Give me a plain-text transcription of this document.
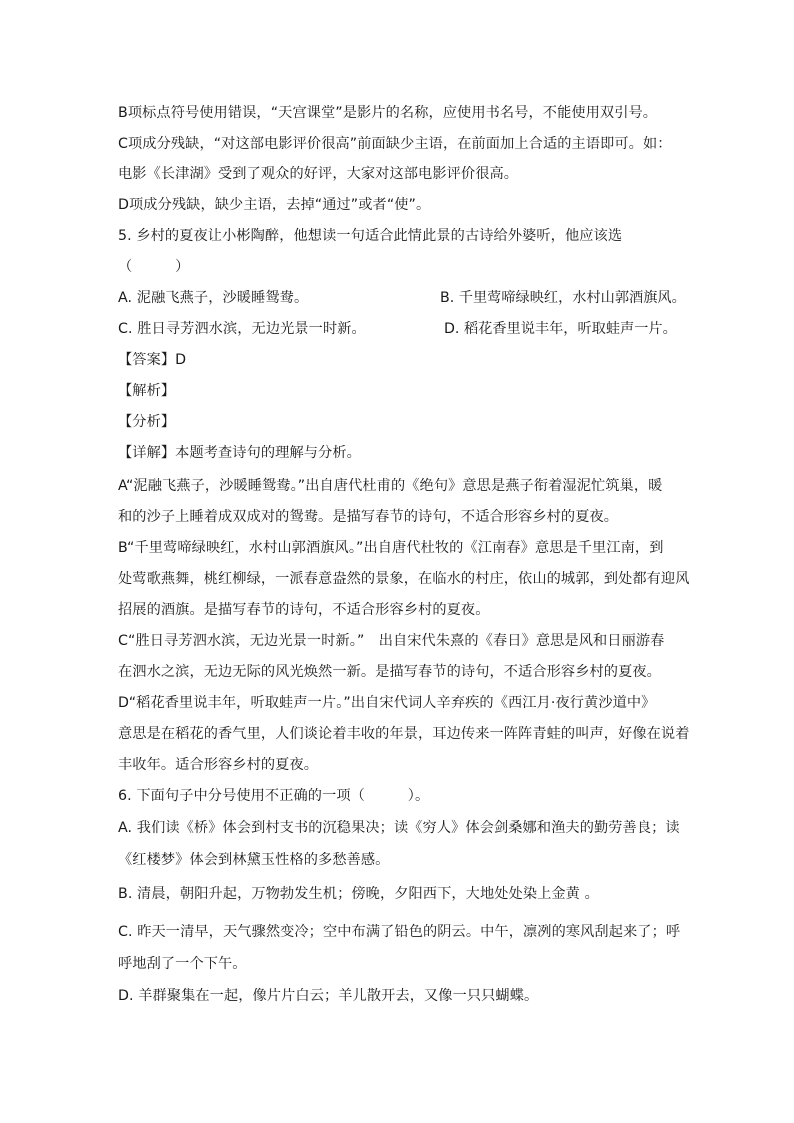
B项标点符号使用错误，“天宫课堂”是影片的名称，应使用书名号，不能使用双引号。
C项成分残缺，“对这部电影评价很高”前面缺少主语，在前面加上合适的主语即可。如：
电影《长津湖》受到了观众的好评，大家对这部电影评价很高。
D项成分残缺，缺少主语，去掉“通过”或者“使”。
5. 乡村的夏夜让小彬陶醉，他想读一句适合此情此景的古诗给外婆听，他应该选
（　　　）
A. 泥融飞燕子，沙暖睡鸳鸯。	B. 千里莺啼绿映红，水村山郭酒旗风。
C. 胜日寻芳泗水滨，无边光景一时新。	D. 稻花香里说丰年，听取蛙声一片。
【答案】D
【解析】
【分析】
【详解】本题考查诗句的理解与分析。
A“泥融飞燕子，沙暖睡鸳鸯。”出自唐代杜甫的《绝句》意思是燕子衔着湿泥忙筑巢，暖
和的沙子上睡着成双成对的鸳鸯。是描写春节的诗句，不适合形容乡村的夏夜。
B“千里莺啼绿映红，水村山郭酒旗风。”出自唐代杜牧的《江南春》意思是千里江南，到
处莺歌燕舞，桃红柳绿，一派春意盎然的景象，在临水的村庄，依山的城郭，到处都有迎风
招展的酒旗。是描写春节的诗句，不适合形容乡村的夏夜。
C“胜日寻芳泗水滨，无边光景一时新。”　出自宋代朱熹的《春日》意思是风和日丽游春
在泗水之滨，无边无际的风光焕然一新。是描写春节的诗句，不适合形容乡村的夏夜。
D“稻花香里说丰年，听取蛙声一片。”出自宋代词人辛弃疾的《西江月·夜行黄沙道中》
意思是在稻花的香气里，人们谈论着丰收的年景，耳边传来一阵阵青蛙的叫声，好像在说着
丰收年。适合形容乡村的夏夜。
6. 下面句子中分号使用不正确的一项（　　　）。
A. 我们读《桥》体会到村支书的沉稳果决；读《穷人》体会剑桑娜和渔夫的勤劳善良；读
《红楼梦》体会到林黛玉性格的多愁善感。
B. 清晨，朝阳升起，万物勃发生机；傍晚，夕阳西下，大地处处染上金黄 。
C. 昨天一清早，天气骤然变冷；空中布满了铅色的阴云。中午，凛冽的寒风刮起来了；呼
呼地刮了一个下午。
D. 羊群聚集在一起，像片片白云；羊儿散开去，又像一只只蝴蝶。
